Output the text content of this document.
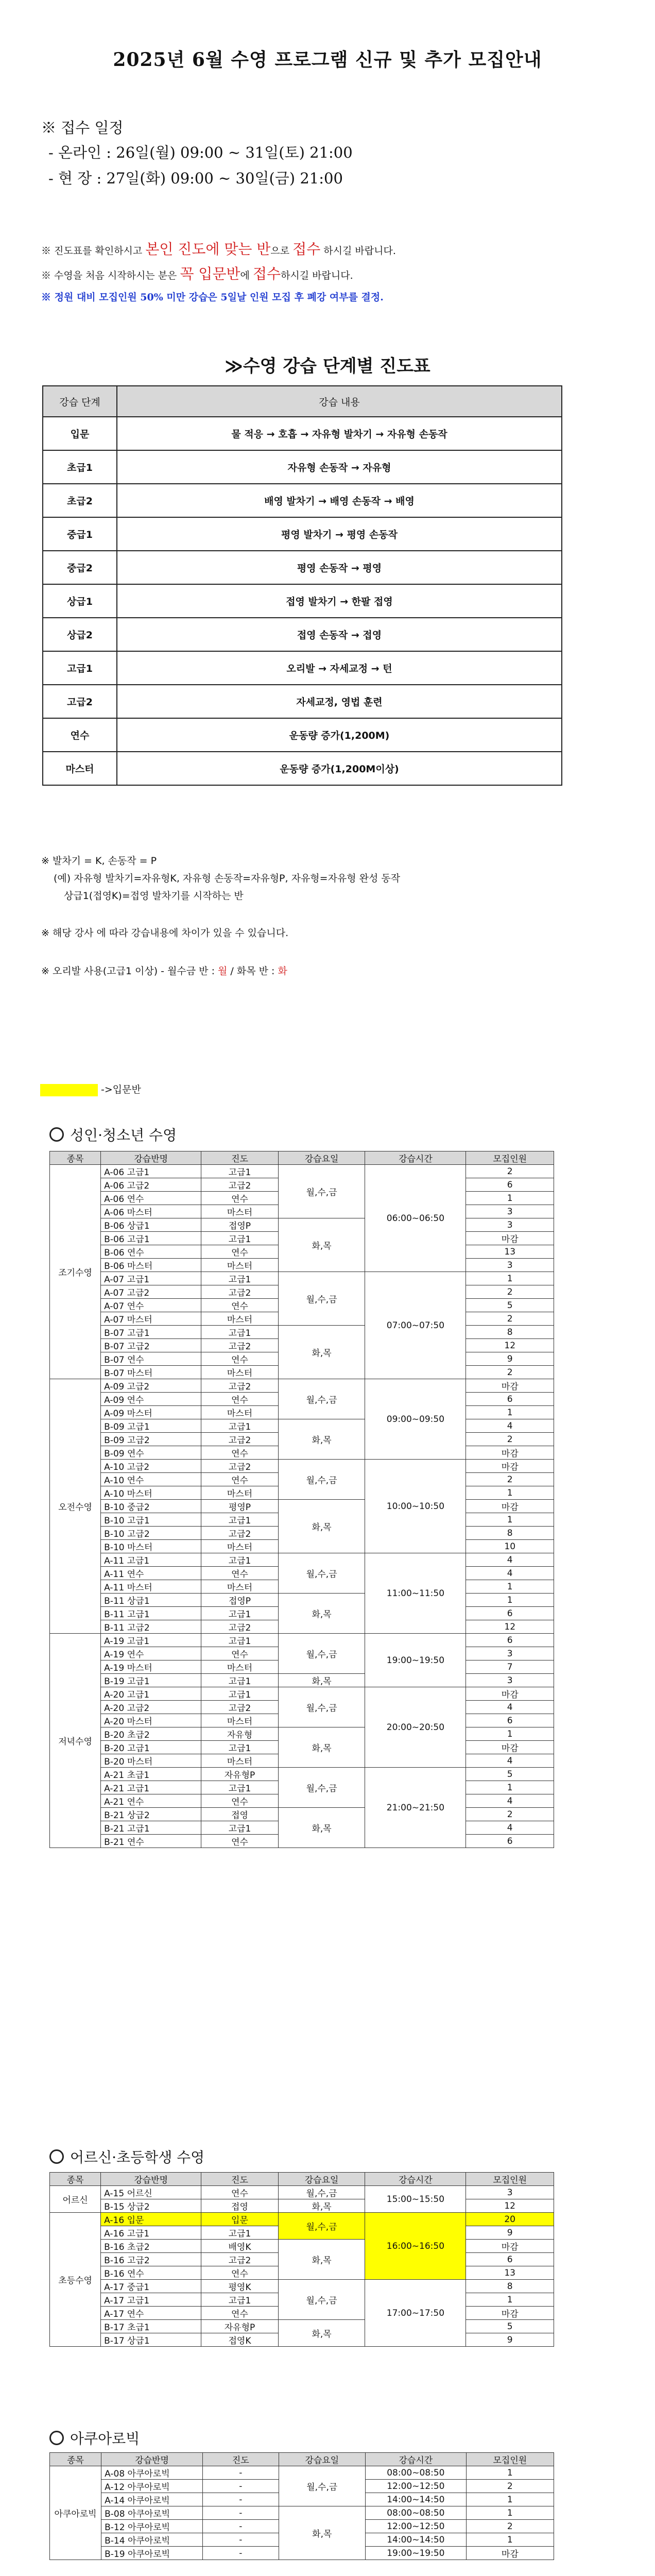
2025년 6월 수영 프로그램 신규 및 추가 모집안내
※ 접수 일정
- 온라인 : 26일(월) 09:00 ~ 31일(토) 21:00
- 현 장 : 27일(화) 09:00 ~ 30일(금) 21:00
※ 진도표를 확인하시고 본인 진도에 맞는 반으로 접수 하시길 바랍니다.
※ 수영을 처음 시작하시는 분은 꼭 입문반에 접수하시길 바랍니다.
※ 정원 대비 모집인원 50% 미만 강습은 5일날 인원 모집 후 폐강 여부를 결정.
≫수영 강습 단계별 진도표
강습 단계	강습 내용
입문	물 적응 → 호흡 → 자유형 발차기 → 자유형 손동작
초급1	자유형 손동작 → 자유형
초급2	배영 발차기 → 배영 손동작 → 배영
중급1	평영 발차기 → 평영 손동작
중급2	평영 손동작 → 평영
상급1	접영 발차기 → 한팔 접영
상급2	접영 손동작 → 접영
고급1	오리발 → 자세교정 → 턴
고급2	자세교정, 영법 훈련
연수	운동량 증가(1,200M)
마스터	운동량 증가(1,200M이상)
※ 발차기 = K, 손동작 = P
(예) 자유형 발차기=자유형K, 자유형 손동작=자유형P, 자유형=자유형 완성 동작
상급1(접영K)=접영 발차기를 시작하는 반
※ 해당 강사 에 따라 강습내용에 차이가 있을 수 있습니다.
※ 오리발 사용(고급1 이상) - 월수금 반 : 월 / 화목 반 : 화
->입문반
성인·청소년 수영
종목	강습반명	진도	강습요일	강습시간	모집인원
조기수영	A-06 고급1	고급1	월,수,금	06:00~06:50	2
	A-06 고급2	고급2			6
	A-06 연수	연수			1
	A-06 마스터	마스터			3
	B-06 상급1	접영P	화,목		3
	B-06 고급1	고급1			마감
	B-06 연수	연수			13
	B-06 마스터	마스터			3
	A-07 고급1	고급1	월,수,금	07:00~07:50	1
	A-07 고급2	고급2			2
	A-07 연수	연수			5
	A-07 마스터	마스터			2
	B-07 고급1	고급1	화,목		8
	B-07 고급2	고급2			12
	B-07 연수	연수			9
	B-07 마스터	마스터			2
오전수영	A-09 고급2	고급2	월,수,금	09:00~09:50	마감
	A-09 연수	연수			6
	A-09 마스터	마스터			1
	B-09 고급1	고급1	화,목		4
	B-09 고급2	고급2			2
	B-09 연수	연수			마감
	A-10 고급2	고급2	월,수,금	10:00~10:50	마감
	A-10 연수	연수			2
	A-10 마스터	마스터			1
	B-10 중급2	평영P	화,목		마감
	B-10 고급1	고급1			1
	B-10 고급2	고급2			8
	B-10 마스터	마스터			10
	A-11 고급1	고급1	월,수,금	11:00~11:50	4
	A-11 연수	연수			4
	A-11 마스터	마스터			1
	B-11 상급1	접영P	화,목		1
	B-11 고급1	고급1			6
	B-11 고급2	고급2			12
저녁수영	A-19 고급1	고급1	월,수,금	19:00~19:50	6
	A-19 연수	연수			3
	A-19 마스터	마스터			7
	B-19 고급1	고급1	화,목		3
	A-20 고급1	고급1	월,수,금	20:00~20:50	마감
	A-20 고급2	고급2			4
	A-20 마스터	마스터			6
	B-20 초급2	자유형	화,목		1
	B-20 고급1	고급1			마감
	B-20 마스터	마스터			4
	A-21 초급1	자유형P	월,수,금	21:00~21:50	5
	A-21 고급1	고급1			1
	A-21 연수	연수			4
	B-21 상급2	접영	화,목		2
	B-21 고급1	고급1			4
	B-21 연수	연수			6
어르신·초등학생 수영
종목	강습반명	진도	강습요일	강습시간	모집인원
어르신	A-15 어르신	연수	월,수,금	15:00~15:50	3
	B-15 상급2	접영	화,목		12
초등수영	A-16 입문	입문	월,수,금	16:00~16:50	20
	A-16 고급1	고급1			9
	B-16 초급2	배영K	화,목		마감
	B-16 고급2	고급2			6
	B-16 연수	연수			13
	A-17 중급1	평영K	월,수,금	17:00~17:50	8
	A-17 고급1	고급1			1
	A-17 연수	연수			마감
	B-17 초급1	자유형P	화,목		5
	B-17 상급1	접영K			9
아쿠아로빅
종목	강습반명	진도	강습요일	강습시간	모집인원
아쿠아로빅	A-08 아쿠아로빅	-	월,수,금	08:00~08:50	1
	A-12 아쿠아로빅	-		12:00~12:50	2
	A-14 아쿠아로빅	-		14:00~14:50	1
	B-08 아쿠아로빅	-	화,목	08:00~08:50	1
	B-12 아쿠아로빅	-		12:00~12:50	2
	B-14 아쿠아로빅	-		14:00~14:50	1
	B-19 아쿠아로빅	-		19:00~19:50	마감
